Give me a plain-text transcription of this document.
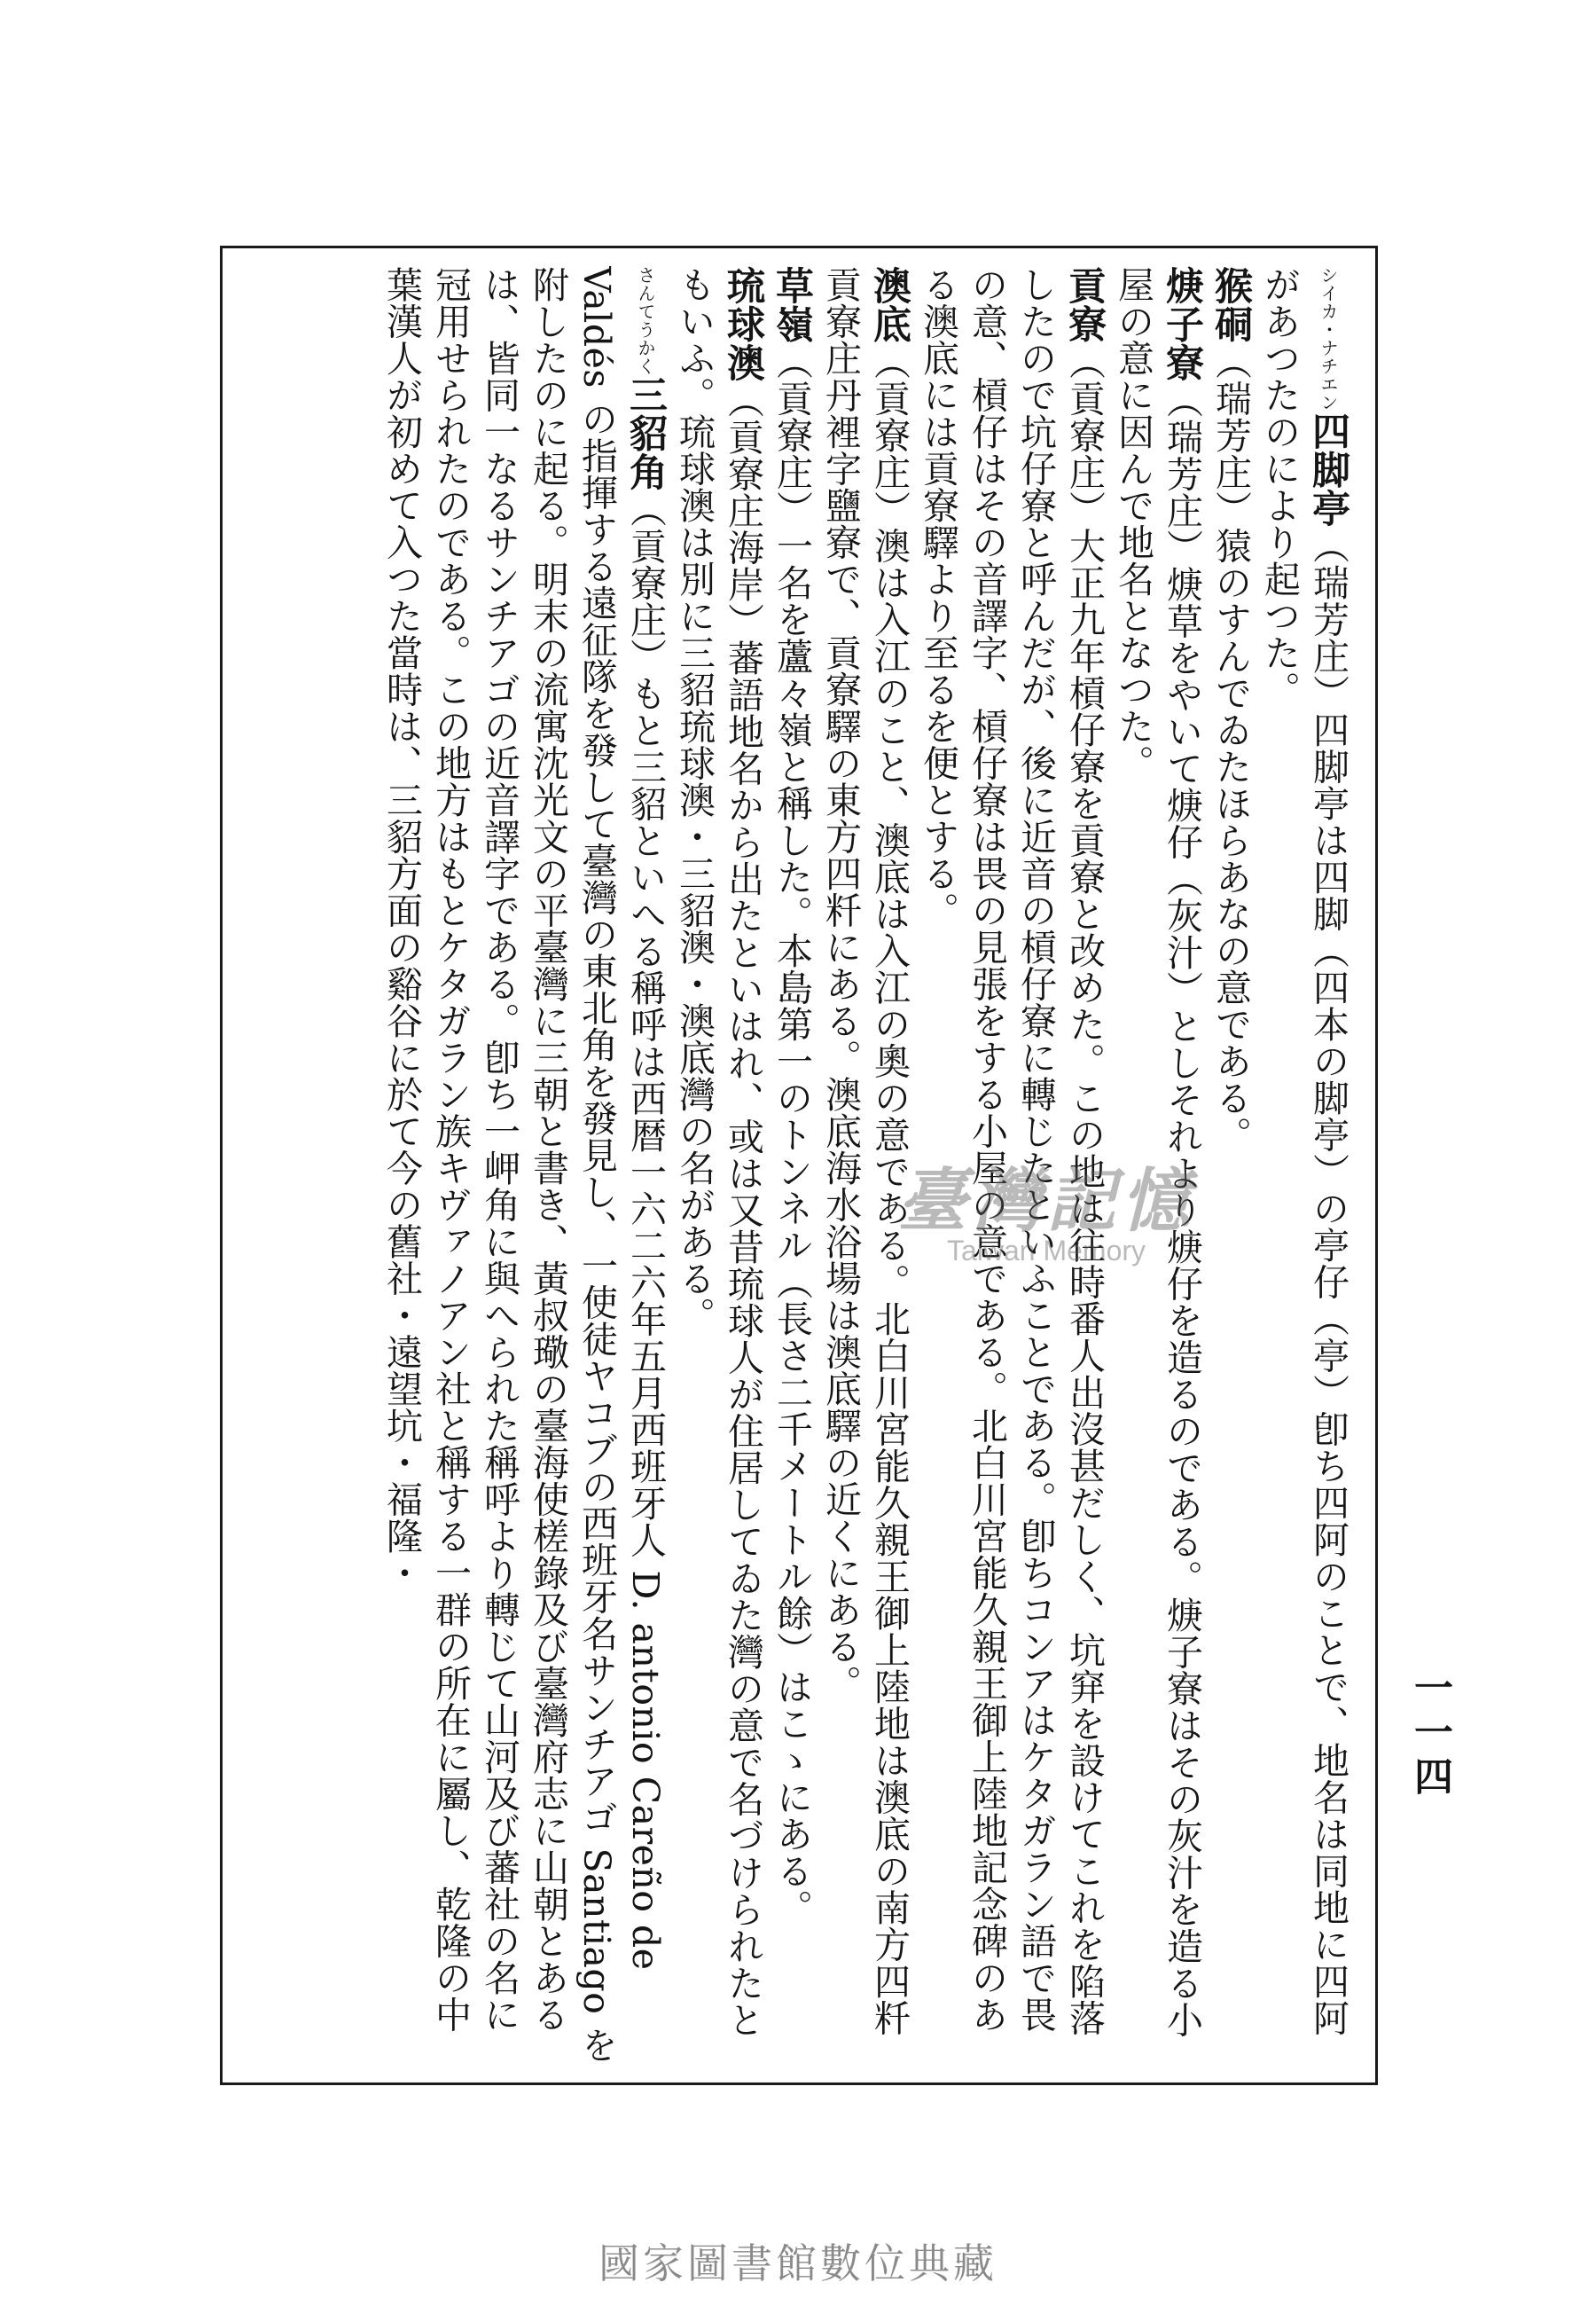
シイカ・ナチエン四脚亭（瑞芳庄）四脚亭は四脚（四本の脚亭）の亭仔（亭）卽ち四阿のことで、地名は同地に四阿があつたのにより起つた。

猴硐（瑞芳庄）猿のすんでゐたほらあなの意である。

焿子寮（瑞芳庄）焿草をやいて焿仔（灰汁）としそれより焿仔を造るのである。焿子寮はその灰汁を造る小屋の意に因んで地名となつた。

貢寮（貢寮庄）大正九年槓仔寮を貢寮と改めた。この地は往時番人出沒甚だしく、坑穽を設けてこれを陷落したので坑仔寮と呼んだが、後に近音の槓仔寮に轉じたといふことである。卽ちコンアはケタガラン語で畏の意、槓仔はその音譯字、槓仔寮は畏の見張をする小屋の意である。北白川宮能久親王御上陸地記念碑のある澳底には貢寮驛より至るを便とする。

澳底（貢寮庄）澳は入江のこと、澳底は入江の奧の意である。北白川宮能久親王御上陸地は澳底の南方四粁貢寮庄丹裡字鹽寮で、貢寮驛の東方四粁にある。澳底海水浴場は澳底驛の近くにある。

草嶺（貢寮庄）一名を蘆々嶺と稱した。本島第一のトンネル（長さ二千メートル餘）はこゝにある。

琉球澳（貢寮庄海岸）蕃語地名から出たといはれ、或は又昔琉球人が住居してゐた灣の意で名づけられたともいふ。琉球澳は別に三貂琉球澳・三貂澳・澳底灣の名がある。

さんてうかく三貂角（貢寮庄）もと三貂といへる稱呼は西暦一六二六年五月西班牙人 D. antonio Careño de Valdés の指揮する遠征隊を發して臺灣の東北角を發見し、一使徒ヤコブの西班牙名サンチアゴ Santiago を附したのに起る。明末の流寓沈光文の平臺灣に三朝と書き、黃叔璥の臺海使槎錄及び臺灣府志に山朝とあるは、皆同一なるサンチアゴの近音譯字である。卽ち一岬角に與へられた稱呼より轉じて山河及び蕃社の名に冠用せられたのである。この地方はもとケタガラン族キヴァノアン社と稱する一群の所在に屬し、乾隆の中葉漢人が初めて入つた當時は、三貂方面の谿谷に於て今の舊社・遠望坑・福隆・

一一四
臺灣記憶
Taiwan Memory
國家圖書館數位典藏
